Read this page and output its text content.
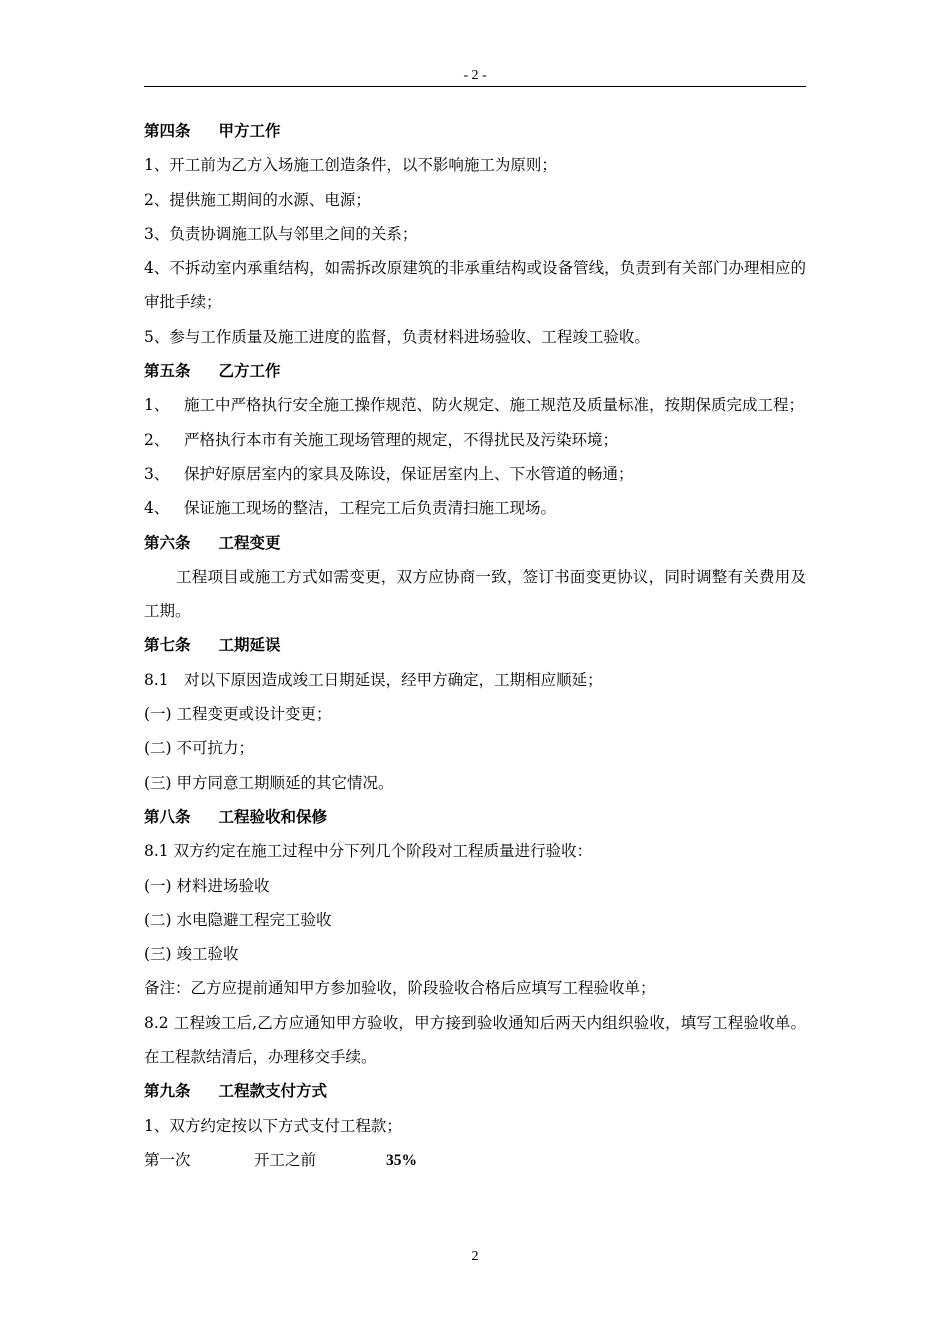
- 2 -
第四条 甲方工作
1、开工前为乙方入场施工创造条件，以不影响施工为原则；
2、提供施工期间的水源、电源；
3、负责协调施工队与邻里之间的关系；
4、不拆动室内承重结构，如需拆改原建筑的非承重结构或设备管线，负责到有关部门办理相应的审批手续；
5、参与工作质量及施工进度的监督，负责材料进场验收、工程竣工验收。
第五条 乙方工作
1、 施工中严格执行安全施工操作规范、防火规定、施工规范及质量标准，按期保质完成工程；
2、 严格执行本市有关施工现场管理的规定，不得扰民及污染环境；
3、 保护好原居室内的家具及陈设，保证居室内上、下水管道的畅通；
4、 保证施工现场的整洁，工程完工后负责清扫施工现场。
第六条 工程变更
工程项目或施工方式如需变更，双方应协商一致，签订书面变更协议，同时调整有关费用及工期。
第七条 工期延误
8.1　对以下原因造成竣工日期延误，经甲方确定，工期相应顺延；
(一) 工程变更或设计变更；
(二) 不可抗力；
(三) 甲方同意工期顺延的其它情况。
第八条 工程验收和保修
8.1 双方约定在施工过程中分下列几个阶段对工程质量进行验收：
(一) 材料进场验收
(二) 水电隐避工程完工验收
(三) 竣工验收
备注：乙方应提前通知甲方参加验收，阶段验收合格后应填写工程验收单；
8.2 工程竣工后,乙方应通知甲方验收，甲方接到验收通知后两天内组织验收，填写工程验收单。在工程款结清后，办理移交手续。
第九条 工程款支付方式
1、双方约定按以下方式支付工程款；
第一次	开工之前	35%
2
